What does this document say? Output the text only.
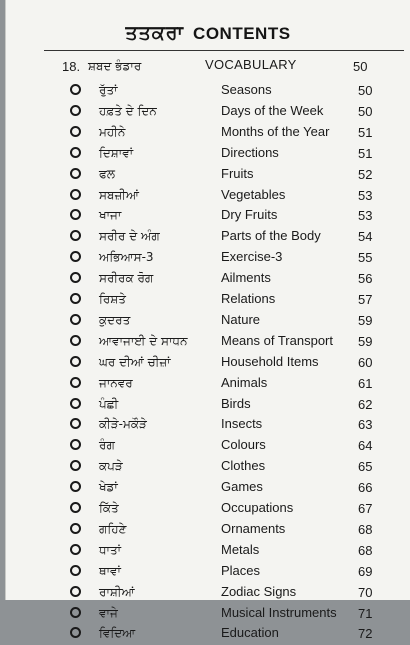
ਤਤਕਰਾ CONTENTS
18. ਸ਼ਬਦ ਭੰਡਾਰ	VOCABULARY	50
ਰੁੱਤਾਂ	Seasons	50
ਹਫ਼ਤੇ ਦੇ ਦਿਨ	Days of the Week	50
ਮਹੀਨੇ	Months of the Year 51
ਦਿਸ਼ਾਵਾਂ	Directions	51
ਫਲ	Fruits	52
ਸਬਜ਼ੀਆਂ	Vegetables	53
ਖਾਜਾ	Dry Fruits	53
ਸਰੀਰ ਦੇ ਅੰਗ	Parts of the Body	54
ਅਭਿਆਸ-3	Exercise-3	55
ਸਰੀਰਕ ਰੋਗ	Ailments	56
ਰਿਸ਼ਤੇ	Relations	57
ਕੁਦਰਤ	Nature	59
ਆਵਾਜਾਈ ਦੇ ਸਾਧਨ	Means of Transport 59
ਘਰ ਦੀਆਂ ਚੀਜ਼ਾਂ	Household Items	60
ਜਾਨਵਰ	Animals	61
ਪੰਛੀ	Birds	62
ਕੀੜੇ-ਮਕੌੜੇ	Insects	63
ਰੰਗ	Colours	64
ਕਪੜੇ	Clothes	65
ਖੇਡਾਂ	Games	66
ਕਿੱਤੇ	Occupations	67
ਗਹਿਣੇ	Ornaments	68
ਧਾਤਾਂ	Metals	68
ਥਾਵਾਂ	Places	69
ਰਾਸ਼ੀਆਂ	Zodiac Signs	70
ਵਾਜੇ	Musical Instruments 71
ਵਿਦਿਆ	Education	72
